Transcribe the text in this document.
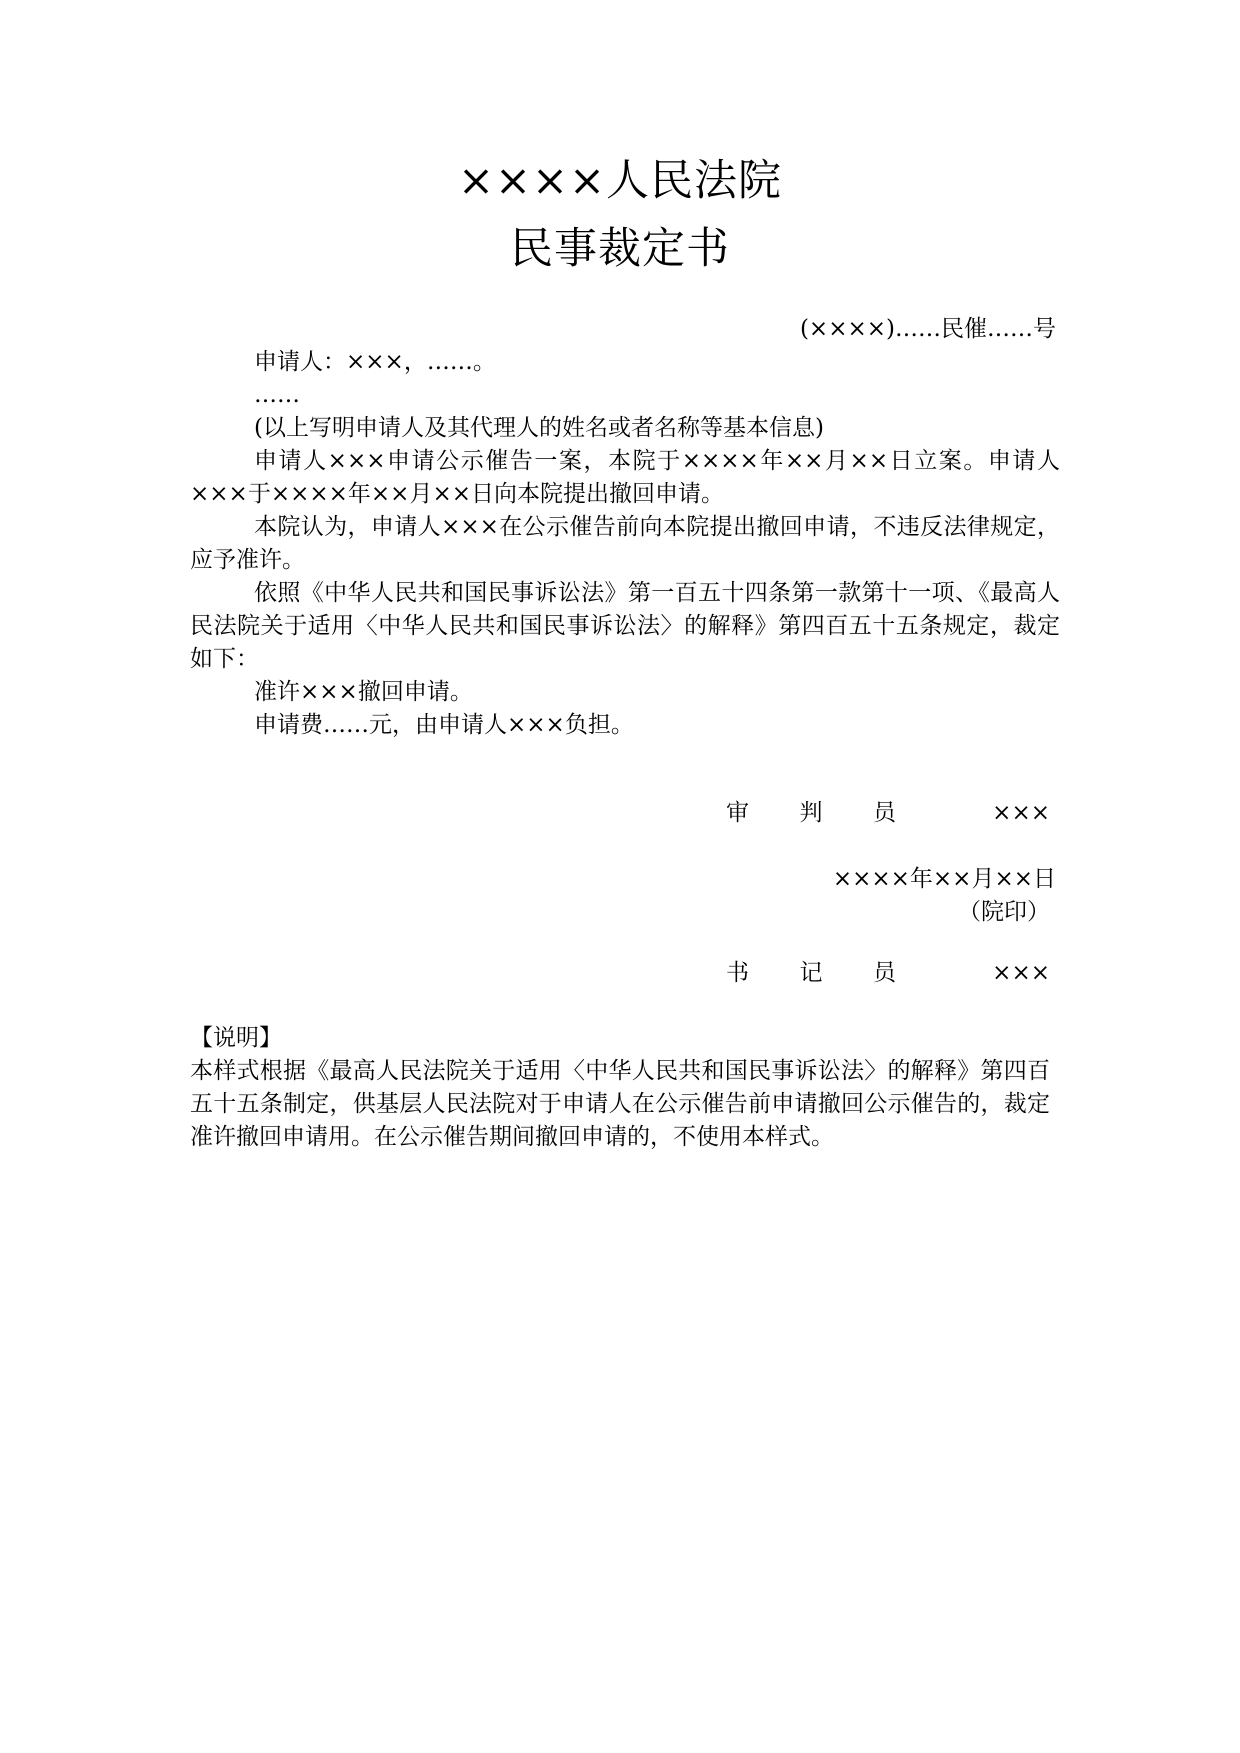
××××人民法院
民事裁定书
(××××)……民催……号

申请人：×××，……。

……

(以上写明申请人及其代理人的姓名或者名称等基本信息)

申请人×××申请公示催告一案，本院于××××年××月××日立案。申请人×××于××××年××月××日向本院提出撤回申请。

本院认为，申请人×××在公示催告前向本院提出撤回申请，不违反法律规定，应予准许。

依照《中华人民共和国民事诉讼法》第一百五十四条第一款第十一项、《最高人民法院关于适用〈中华人民共和国民事诉讼法〉的解释》第四百五十五条规定，裁定如下：

准许×××撤回申请。

申请费……元，由申请人×××负担。

审 判 员	×××
××××年××月××日
（院印）
书 记 员	×××
【说明】

本样式根据《最高人民法院关于适用〈中华人民共和国民事诉讼法〉的解释》第四百五十五条制定，供基层人民法院对于申请人在公示催告前申请撤回公示催告的，裁定准许撤回申请用。在公示催告期间撤回申请的，不使用本样式。
